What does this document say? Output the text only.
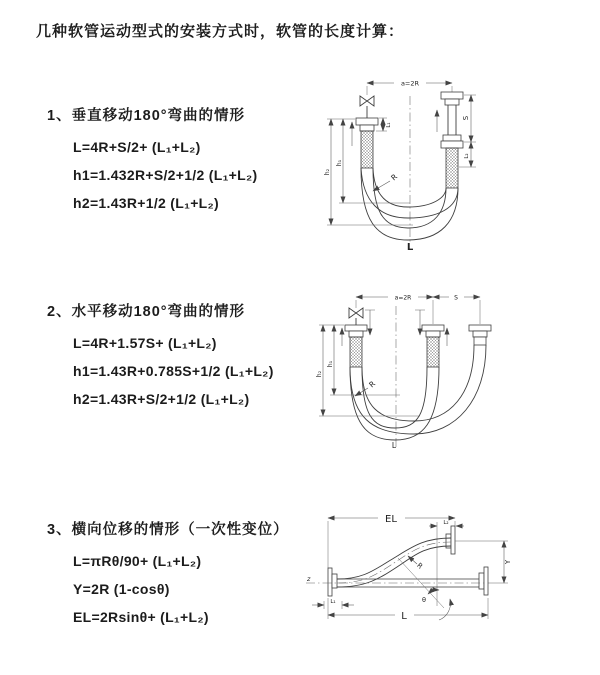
几种软管运动型式的安装方式时，软管的长度计算：
1、垂直移动180°弯曲的情形
L=4R+S/2+ (L₁+L₂)
h1=1.432R+S/2+1/2 (L₁+L₂)
h2=1.43R+1/2 (L₁+L₂)
2、水平移动180°弯曲的情形
L=4R+1.57S+ (L₁+L₂)
h1=1.43R+0.785S+1/2 (L₁+L₂)
h2=1.43R+S/2+1/2 (L₁+L₂)
3、横向位移的情形（一次性变位）
L=πRθ/90+ (L₁+L₂)
Y=2R (1-cosθ)
EL=2Rsinθ+ (L₁+L₂)
a=2R
L₁
S
L₂
h₂
h₁
R
L
a=2R	S
h₂
h₁
R
L
EL	L₂
Y
z
θ
R
L
L₁
